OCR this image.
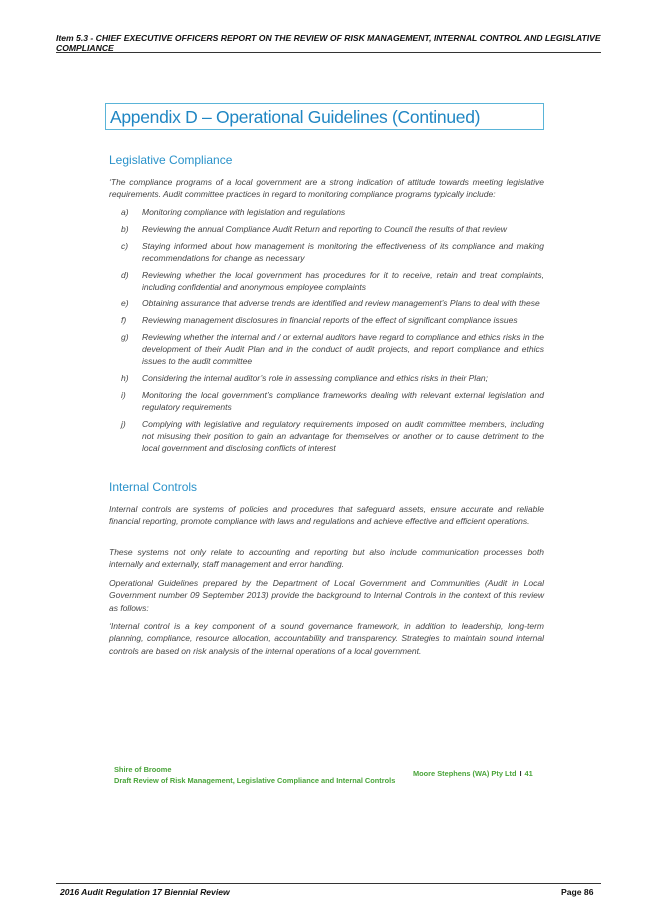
Item 5.3 - CHIEF EXECUTIVE OFFICERS REPORT ON THE REVIEW OF RISK MANAGEMENT, INTERNAL CONTROL AND LEGISLATIVE COMPLIANCE
Appendix D – Operational Guidelines (Continued)
Legislative Compliance
‘The compliance programs of a local government are a strong indication of attitude towards meeting legislative requirements. Audit committee practices in regard to monitoring compliance programs typically include:
a) Monitoring compliance with legislation and regulations
b) Reviewing the annual Compliance Audit Return and reporting to Council the results of that review
c) Staying informed about how management is monitoring the effectiveness of its compliance and making recommendations for change as necessary
d) Reviewing whether the local government has procedures for it to receive, retain and treat complaints, including confidential and anonymous employee complaints
e) Obtaining assurance that adverse trends are identified and review management’s Plans to deal with these
f) Reviewing management disclosures in financial reports of the effect of significant compliance issues
g) Reviewing whether the internal and / or external auditors have regard to compliance and ethics risks in the development of their Audit Plan and in the conduct of audit projects, and report compliance and ethics issues to the audit committee
h) Considering the internal auditor’s role in assessing compliance and ethics risks in their Plan;
i) Monitoring the local government’s compliance frameworks dealing with relevant external legislation and regulatory requirements
j) Complying with legislative and regulatory requirements imposed on audit committee members, including not misusing their position to gain an advantage for themselves or another or to cause detriment to the local government and disclosing conflicts of interest
Internal Controls
Internal controls are systems of policies and procedures that safeguard assets, ensure accurate and reliable financial reporting, promote compliance with laws and regulations and achieve effective and efficient operations.
These systems not only relate to accounting and reporting but also include communication processes both internally and externally, staff management and error handling.
Operational Guidelines prepared by the Department of Local Government and Communities (Audit in Local Government number 09 September 2013) provide the background to Internal Controls in the context of this review as follows:
‘Internal control is a key component of a sound governance framework, in addition to leadership, long-term planning, compliance, resource allocation, accountability and transparency. Strategies to maintain sound internal controls are based on risk analysis of the internal operations of a local government.
Shire of Broome
Draft Review of Risk Management, Legislative Compliance and Internal Controls
Moore Stephens (WA) Pty Ltd I 41
2016 Audit Regulation 17 Biennial Review	Page 86
